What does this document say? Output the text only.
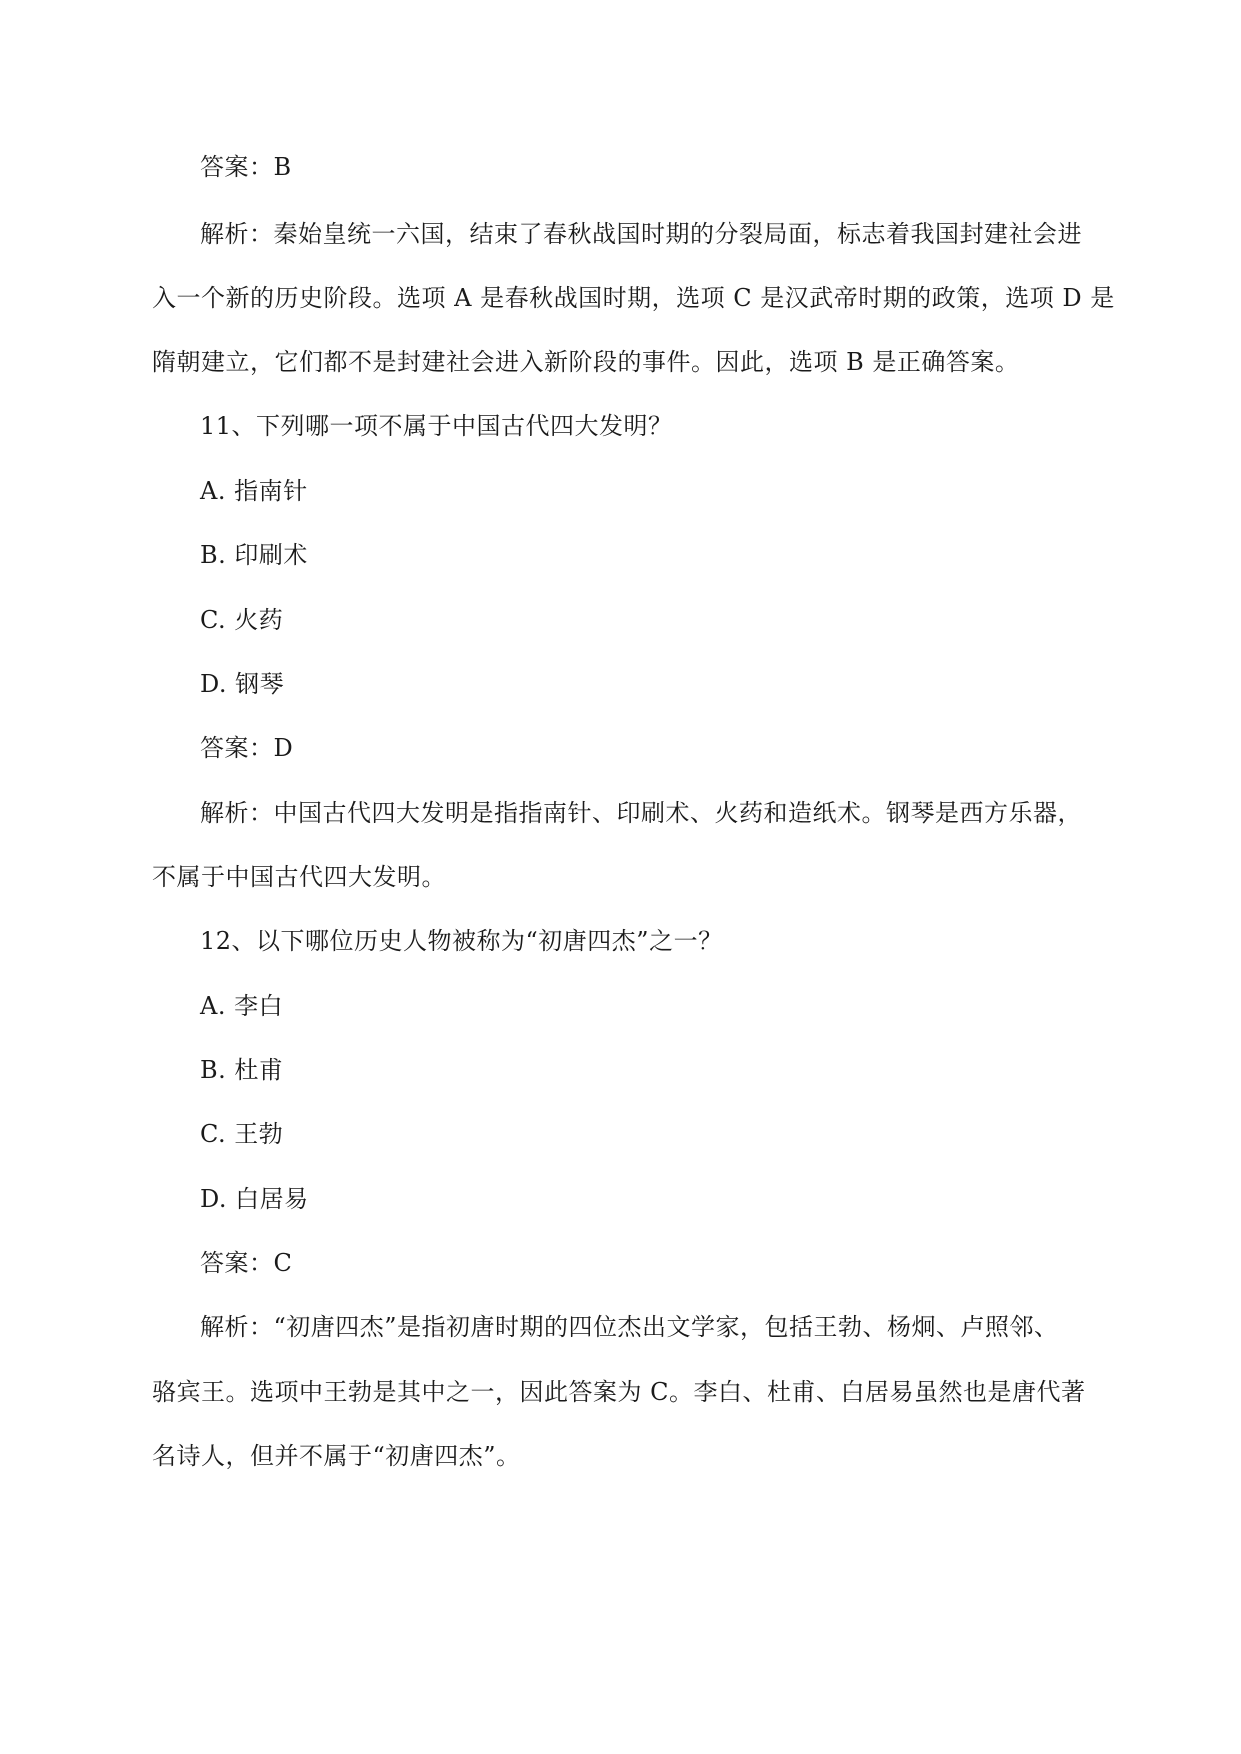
答案：B
解析：秦始皇统一六国，结束了春秋战国时期的分裂局面，标志着我国封建社会进
入一个新的历史阶段。选项 A 是春秋战国时期，选项 C 是汉武帝时期的政策，选项 D 是
隋朝建立，它们都不是封建社会进入新阶段的事件。因此，选项 B 是正确答案。
11、下列哪一项不属于中国古代四大发明？
A. 指南针
B. 印刷术
C. 火药
D. 钢琴
答案：D
解析：中国古代四大发明是指指南针、印刷术、火药和造纸术。钢琴是西方乐器，
不属于中国古代四大发明。
12、以下哪位历史人物被称为“初唐四杰”之一？
A. 李白
B. 杜甫
C. 王勃
D. 白居易
答案：C
解析：“初唐四杰”是指初唐时期的四位杰出文学家，包括王勃、杨炯、卢照邻、
骆宾王。选项中王勃是其中之一，因此答案为 C。李白、杜甫、白居易虽然也是唐代著
名诗人，但并不属于“初唐四杰”。
